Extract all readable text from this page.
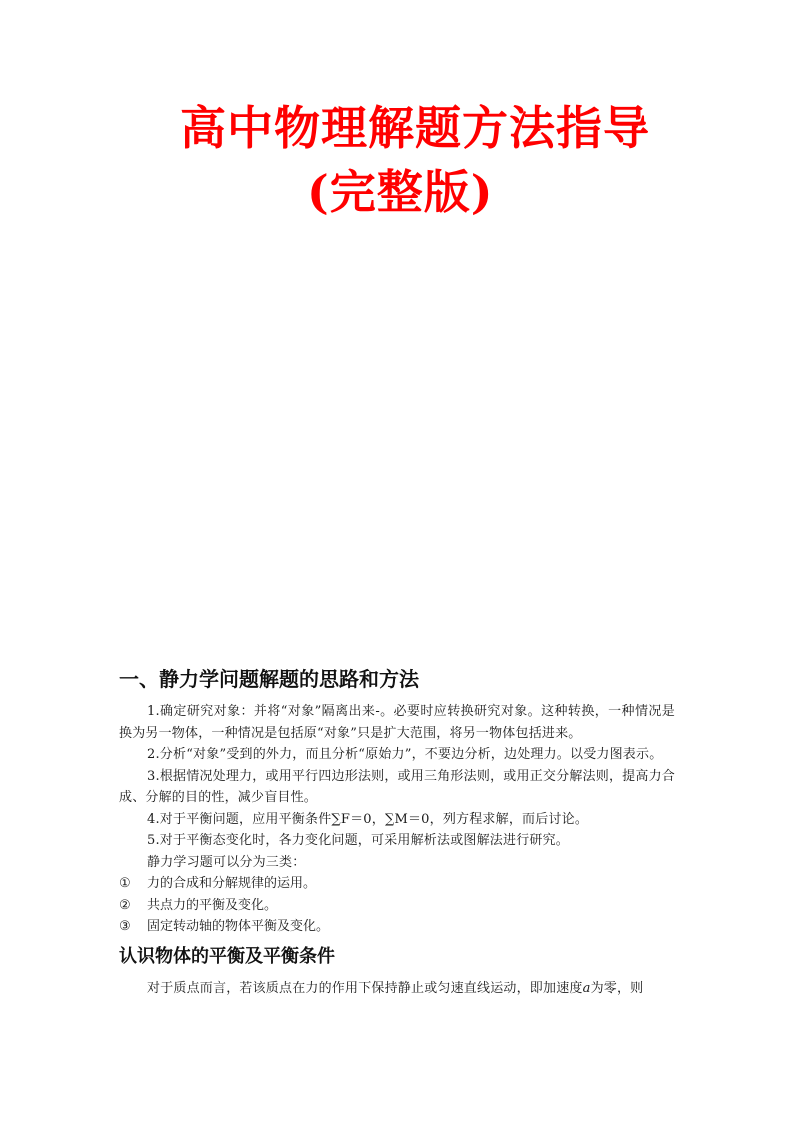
高中物理解题方法指导
(完整版)
一、静力学问题解题的思路和方法

1.确定研究对象：并将“对象”隔离出来-。必要时应转换研究对象。这种转换，一种情况是换为另一物体，一种情况是包括原“对象”只是扩大范围，将另一物体包括进来。

2.分析“对象”受到的外力，而且分析“原始力”，不要边分析，边处理力。以受力图表示。

3.根据情况处理力，或用平行四边形法则，或用三角形法则，或用正交分解法则，提高力合成、分解的目的性，减少盲目性。

4.对于平衡问题，应用平衡条件∑F＝0，∑M＝0，列方程求解，而后讨论。

5.对于平衡态变化时，各力变化问题，可采用解析法或图解法进行研究。

静力学习题可以分为三类：

①	力的合成和分解规律的运用。
②	共点力的平衡及变化。
③	固定转动轴的物体平衡及变化。
认识物体的平衡及平衡条件

对于质点而言，若该质点在力的作用下保持静止或匀速直线运动，即加速度a为零，则
